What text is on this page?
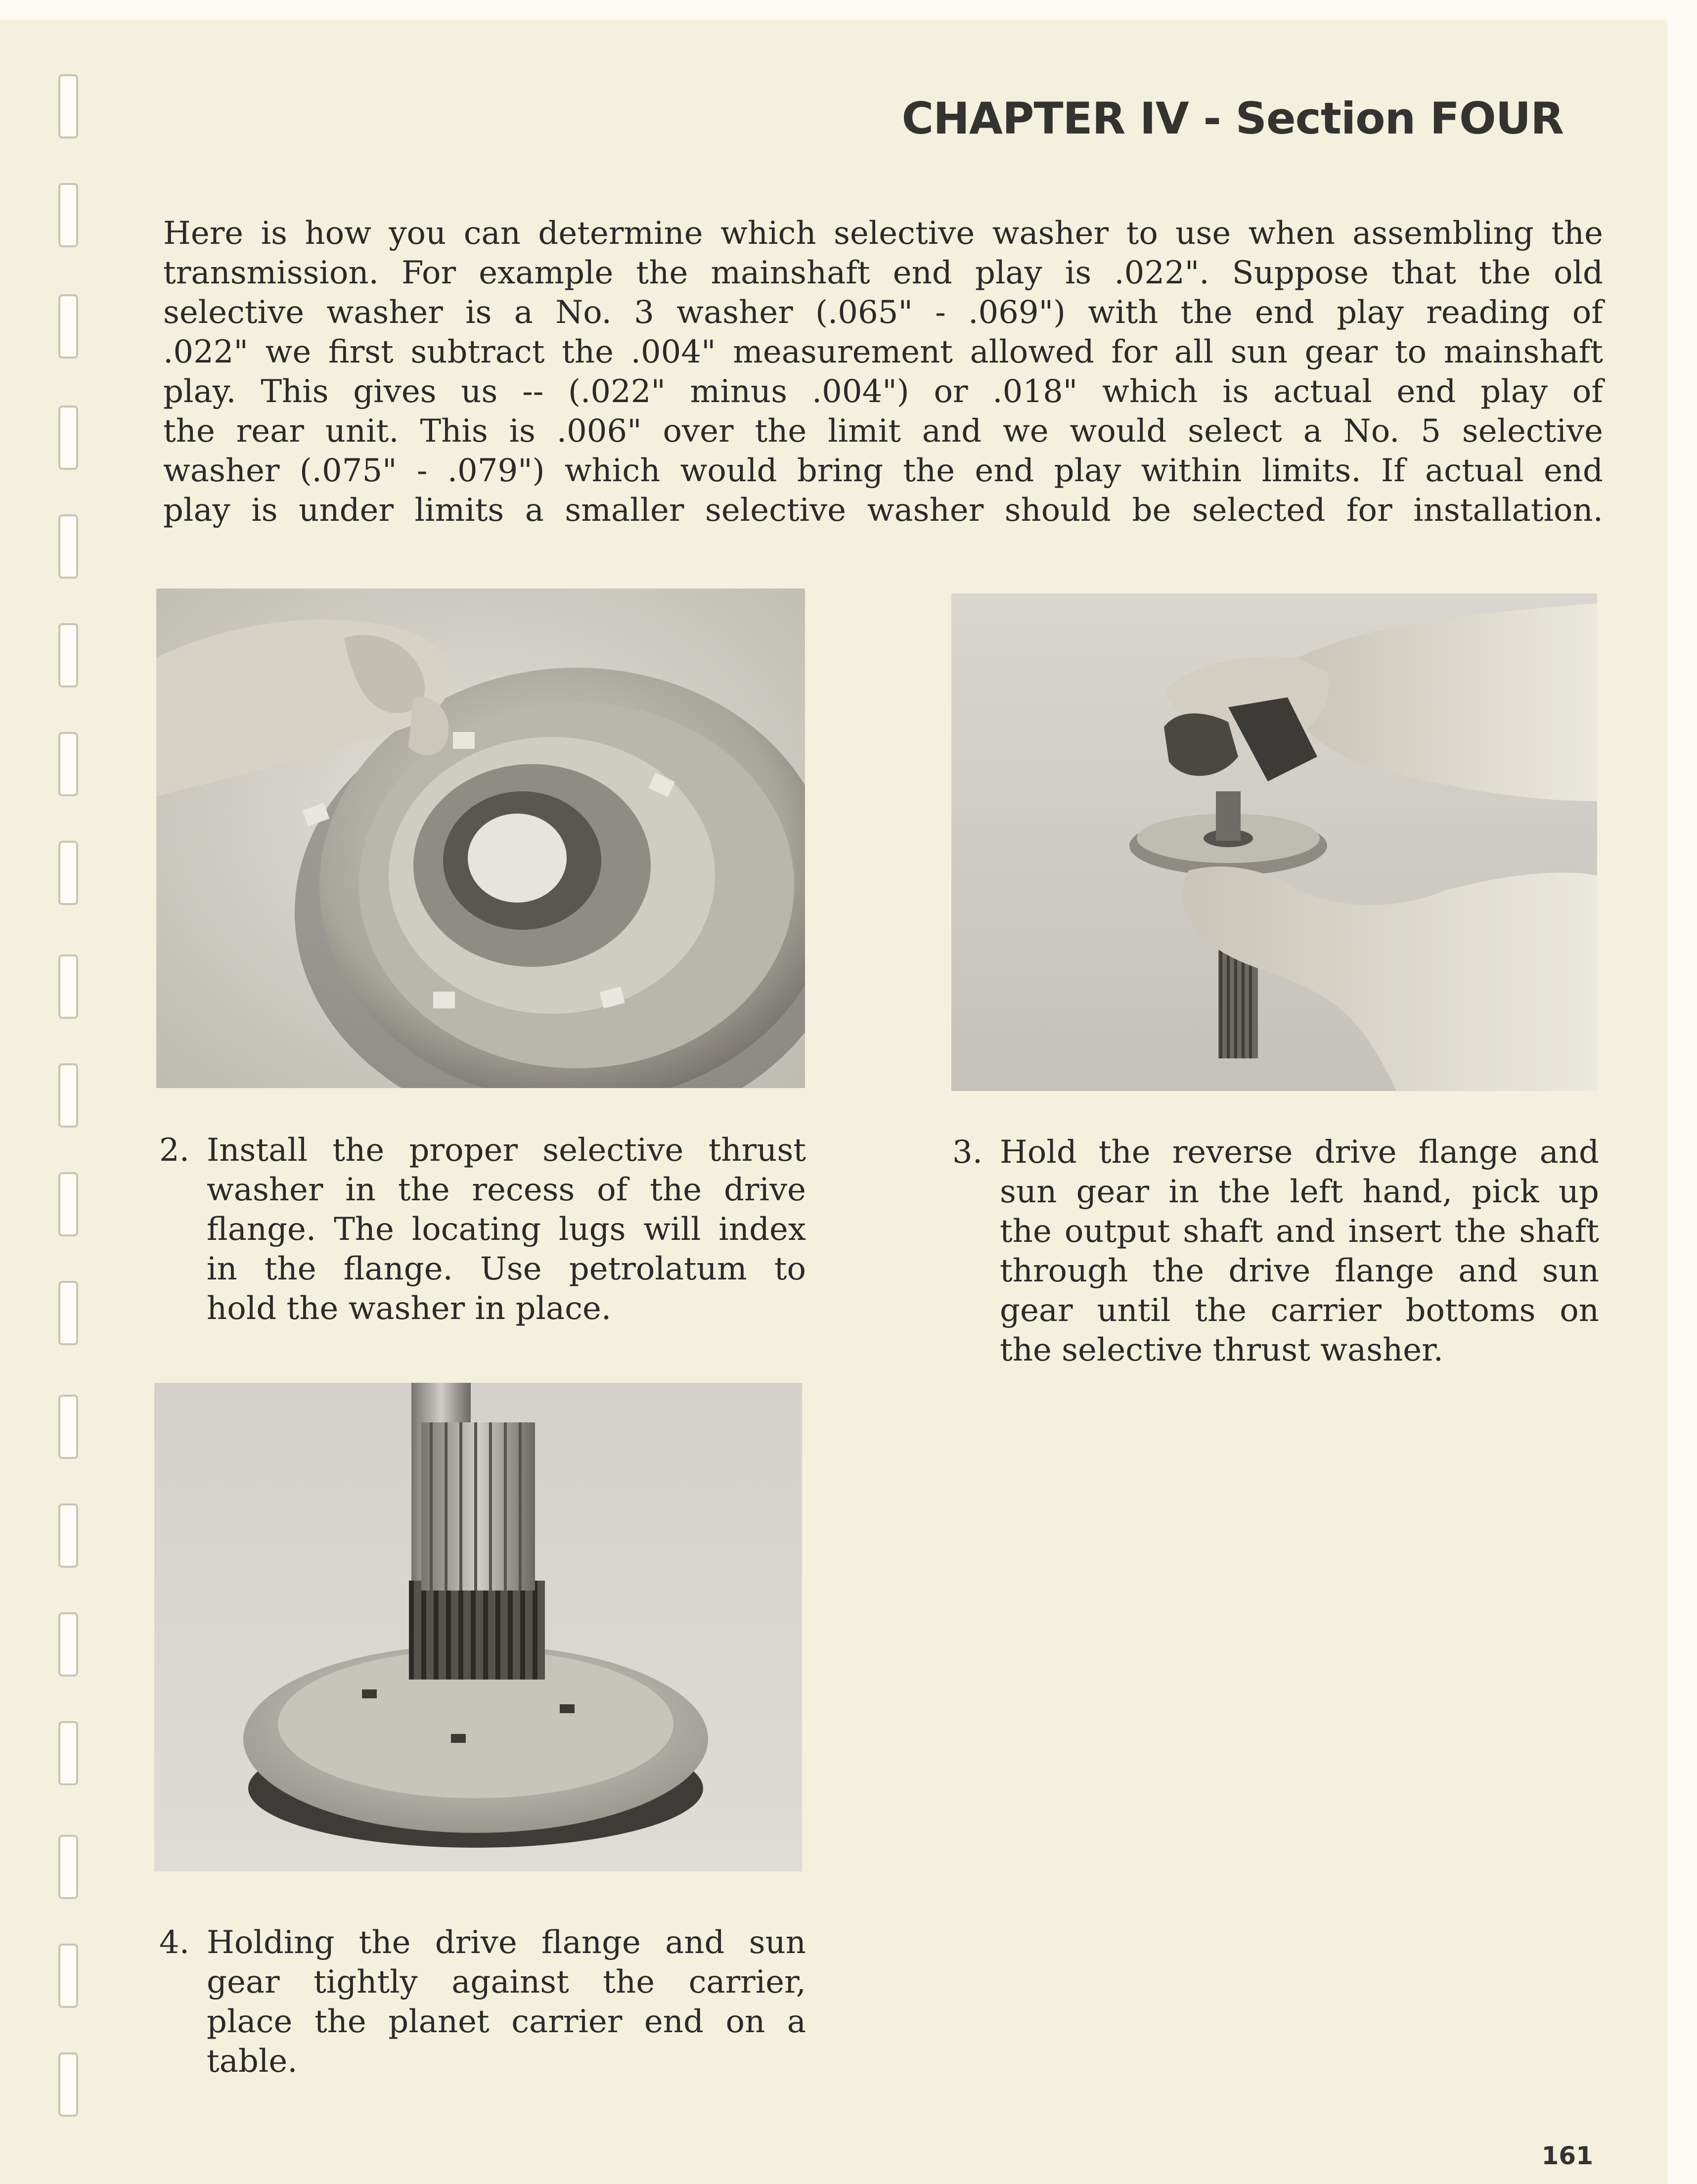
CHAPTER IV - Section FOUR
Here is how you can determine which selective washer to use when assembling the
transmission. For example the mainshaft end play is .022". Suppose that the old
selective washer is a No. 3 washer (.065" - .069") with the end play reading of
.022" we first subtract the .004" measurement allowed for all sun gear to mainshaft
play. This gives us -- (.022" minus .004") or .018" which is actual end play of
the rear unit. This is .006" over the limit and we would select a No. 5 selective
washer (.075" - .079") which would bring the end play within limits. If actual end
play is under limits a smaller selective washer should be selected for installation.
2. Install the proper selective thrust
washer in the recess of the drive
flange. The locating lugs will index
in the flange. Use petrolatum to
hold the washer in place.
3. Hold the reverse drive flange and
sun gear in the left hand, pick up
the output shaft and insert the shaft
through the drive flange and sun
gear until the carrier bottoms on
the selective thrust washer.
4. Holding the drive flange and sun
gear tightly against the carrier,
place the planet carrier end on a
table.
161
